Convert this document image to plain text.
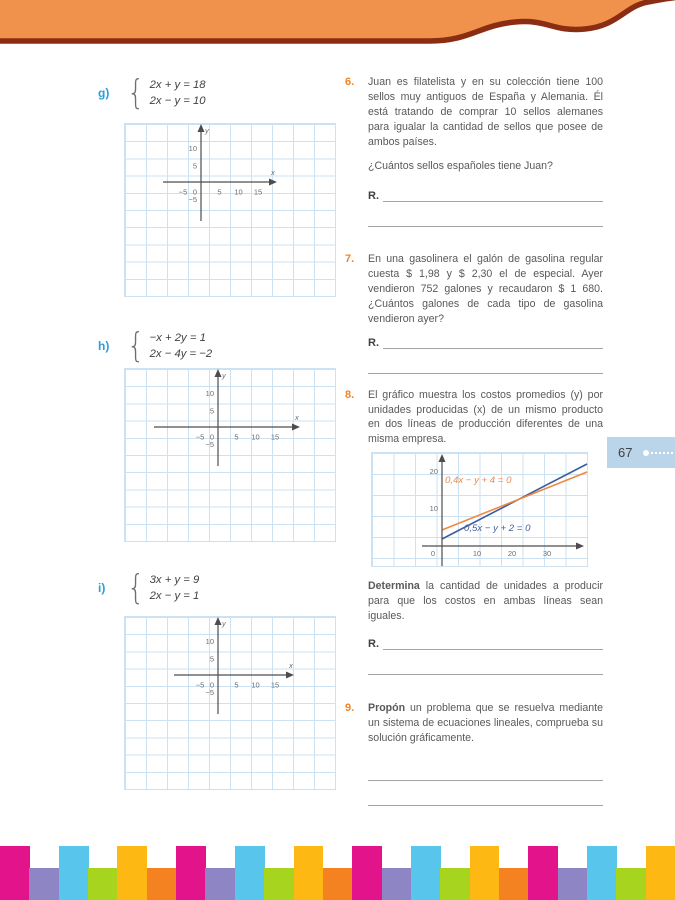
g) { 2x + y = 18
2x − y = 10
y
x
10
5
−5
−5 0	5 10 15
h) { −x + 2y = 1
2x − 4y = −2
y
x
10
5
−5
−5 0	5 10 15
i) { 3x + y = 9
2x − y = 1
y
x
10
5
−5
−5 0	5 10 15
6.	Juan es filatelista y en su colección tiene 100 sellos muy antiguos de España y Alemania. Él está tratando de comprar 10 sellos alemanes para igualar la cantidad de sellos que posee de ambos países.
¿Cuántos sellos españoles tiene Juan?
R.
7.	En una gasolinera el galón de gasolina regular cuesta $ 1,98 y $ 2,30 el de especial. Ayer vendieron 752 galones y recaudaron $ 1 680. ¿Cuántos galones de cada tipo de gasolina vendieron ayer?
R.
8.	El gráfico muestra los costos promedios (y) por unidades producidas (x) de un mismo producto en dos líneas de producción diferentes de una misma empresa.
20
10
0	10	20	30
0,4x − y + 4 = 0
0,5x − y + 2 = 0
Determina la cantidad de unidades a producir para que los costos en ambas líneas sean iguales.
R.
9.	Propón un problema que se resuelva mediante un sistema de ecuaciones lineales, comprueba su solución gráficamente.
67
